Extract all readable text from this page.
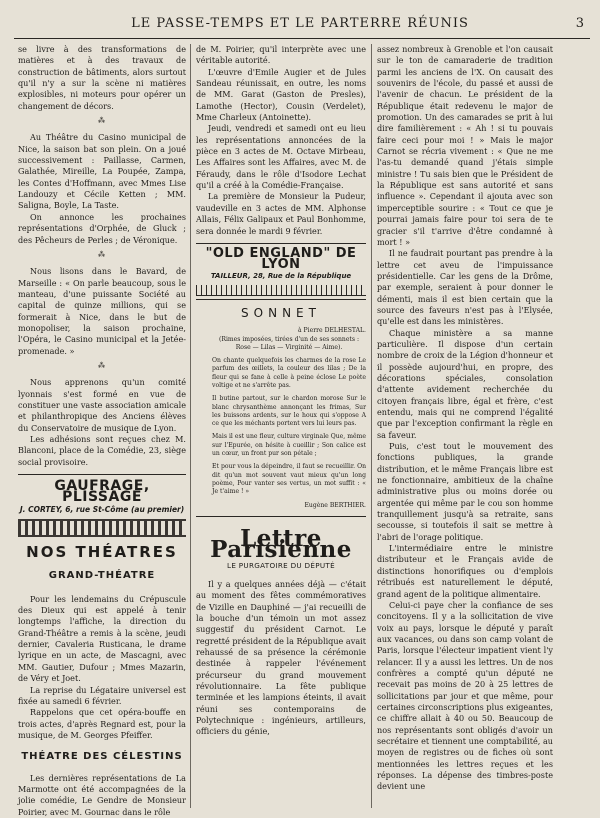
LE PASSE-TEMPS ET LE PARTERRE RÉUNIS	3

se livre à des transformations de matières et à des travaux de construction de bâtiments, alors surtout qu'il n'y a sur la scène ni matières explosibles, ni moteurs pour opérer un changement de décors.

⁂

Au Théâtre du Casino municipal de Nice, la saison bat son plein. On a joué successivement : Paillasse, Carmen, Galathée, Mireille, La Poupée, Zampa, les Contes d'Hoffmann, avec Mmes Lise Landouzy et Cécile Ketten ; MM. Saligna, Boyle, La Taste.

On annonce les prochaines représentations d'Orphée, de Gluck ; des Pêcheurs de Perles ; de Véronique.

⁂

Nous lisons dans le Bavard, de Marseille : « On parle beaucoup, sous le manteau, d'une puissante Société au capital de quinze millions, qui se formerait à Nice, dans le but de monopoliser, la saison prochaine, l'Opéra, le Casino municipal et la Jetée-promenade. »

⁂

Nous apprenons qu'un comité lyonnais s'est formé en vue de constituer une vaste association amicale et philanthropique des Anciens élèves du Conservatoire de musique de Lyon.

Les adhésions sont reçues chez M. Blanconi, place de la Comédie, 23, siège social provisoire.

GAUFRAGE, PLISSAGE
J. CORTEY, 6, rue St-Côme (au premier)
NOS THÉATRES
GRAND-THÉATRE

Pour les lendemains du Crépuscule des Dieux qui est appelé à tenir longtemps l'affiche, la direction du Grand-Théâtre a remis à la scène, jeudi dernier, Cavaleria Rusticana, le drame lyrique en un acte, de Mascagni, avec MM. Gautier, Dufour ; Mmes Mazarin, de Véry et Joet.

La reprise du Légataire universel est fixée au samedi 6 février.

Rappelons que cet opéra-bouffe en trois actes, d'après Regnard est, pour la musique, de M. Georges Pfeiffer.

THÉATRE DES CÉLESTINS

Les dernières représentations de La Marmotte ont été accompagnées de la jolie comédie, Le Gendre de Monsieur Poirier, avec M. Gournac dans le rôle

de M. Poirier, qu'il interprète avec une véritable autorité.

L'œuvre d'Emile Augier et de Jules Sandeau réunissait, en outre, les noms de MM. Garat (Gaston de Presles), Lamothe (Hector), Cousin (Verdelet), Mme Charleux (Antoinette).

Jeudi, vendredi et samedi ont eu lieu les représentations annoncées de la pièce en 3 actes de M. Octave Mirbeau, Les Affaires sont les Affaires, avec M. de Féraudy, dans le rôle d'Isodore Lechat qu'il a créé à la Comédie-Française.

La première de Monsieur la Pudeur, vaudeville en 3 actes de MM. Alphonse Allais, Félix Galipaux et Paul Bonhomme, sera donnée le mardi 9 février.

"OLD ENGLAND" DE LYON
TAILLEUR, 28, Rue de la République
SONNET
à Pierre DELHESTAL.
(Rimes imposées, tirées d'un de ses sonnets : Rose — Lilas — Virginité — Aime).
On chante quelquefois les charmes de la rose Le parfum des œillets, la couleur des lilas ; De la fleur qui se fane à celle à peine éclose Le poète voltige et ne s'arrête pas.
Il butine partout, sur le chardon morose Sur le blanc chrysanthème annonçant les frimas, Sur les buissons ardents, sur le houx qui s'oppose A ce que les méchants portent vers lui leurs pas.
Mais il est une fleur, culture virginale Que, même sur l'Epurée, on hésite à cueillir ; Son calice est un cœur, un front pur son pétale ;
Et pour vous la dépeindre, il faut se recueillir. On dit qu'un mot souvent vaut mieux qu'un long poème, Pour vanter ses vertus, un mot suffit : « Je t'aime ! »
Eugène BERTHIER.
Lettre Parisienne
LE PURGATOIRE DU DÉPUTÉ

Il y a quelques années déjà — c'était au moment des fêtes commémoratives de Vizille en Dauphiné — j'ai recueilli de la bouche d'un témoin un mot assez suggestif du président Carnot. Le regretté président de la République avait rehaussé de sa présence la cérémonie destinée à rappeler l'événement précurseur du grand mouvement révolutionnaire. La fête publique terminée et les lampions éteints, il avait réuni ses contemporains de Polytechnique : ingénieurs, artilleurs, officiers du génie,

assez nombreux à Grenoble et l'on causait sur le ton de camaraderie de tradition parmi les anciens de l'X. On causait des souvenirs de l'école, du passé et aussi de l'avenir de chacun. Le président de la République était redevenu le major de promotion. Un des camarades se prit à lui dire familièrement : « Ah ! si tu pouvais faire ceci pour moi ! » Mais le major Carnot se récria vivement : « Que ne me l'as-tu demandé quand j'étais simple ministre ! Tu sais bien que le Président de la République est sans autorité et sans influence ». Cependant il ajouta avec son imperceptible sourire : « Tout ce que je pourrai jamais faire pour toi sera de te gracier s'il t'arrive d'être condamné à mort ! »

Il ne faudrait pourtant pas prendre à la lettre cet aveu de l'impuissance présidentielle. Car les gens de la Drôme, par exemple, seraient à pour donner le démenti, mais il est bien certain que la source des faveurs n'est pas à l'Elysée, qu'elle est dans les ministères.

Chaque ministère a sa manne particulière. Il dispose d'un certain nombre de croix de la Légion d'honneur et il possède aujourd'hui, en propre, des décorations spéciales, consolation d'attente avidement recherchée du citoyen français libre, égal et frère, c'est entendu, mais qui ne comprend l'égalité que par l'exception confirmant la règle en sa faveur.

Puis, c'est tout le mouvement des fonctions publiques, la grande distribution, et le même Français libre est ne fonctionnaire, ambitieux de la chaîne administrative plus ou moins dorée ou argentée qui même par le cou son homme tranquillement jusqu'à sa retraite, sans secousse, si toutefois il sait se mettre à l'abri de l'orage politique.

L'intermédiaire entre le ministre distributeur et le Français avide de distinctions honorifiques ou d'emplois rétribués est naturellement le député, grand agent de la politique alimentaire.

Celui-ci paye cher la confiance de ses concitoyens. Il y a la sollicitation de vive voix au pays, lorsque le député y paraît aux vacances, ou dans son camp volant de Paris, lorsque l'électeur impatient vient l'y relancer. Il y a aussi les lettres. Un de nos confrères a compté qu'un député ne recevait pas moins de 20 à 25 lettres de sollicitations par jour et que même, pour certaines circonscriptions plus exigeantes, ce chiffre allait à 40 ou 50. Beaucoup de nos représentants sont obligés d'avoir un secrétaire et tiennent une comptabilité, au moyen de registres ou de fiches où sont mentionnées les lettres reçues et les réponses. La dépense des timbres-poste devient une
